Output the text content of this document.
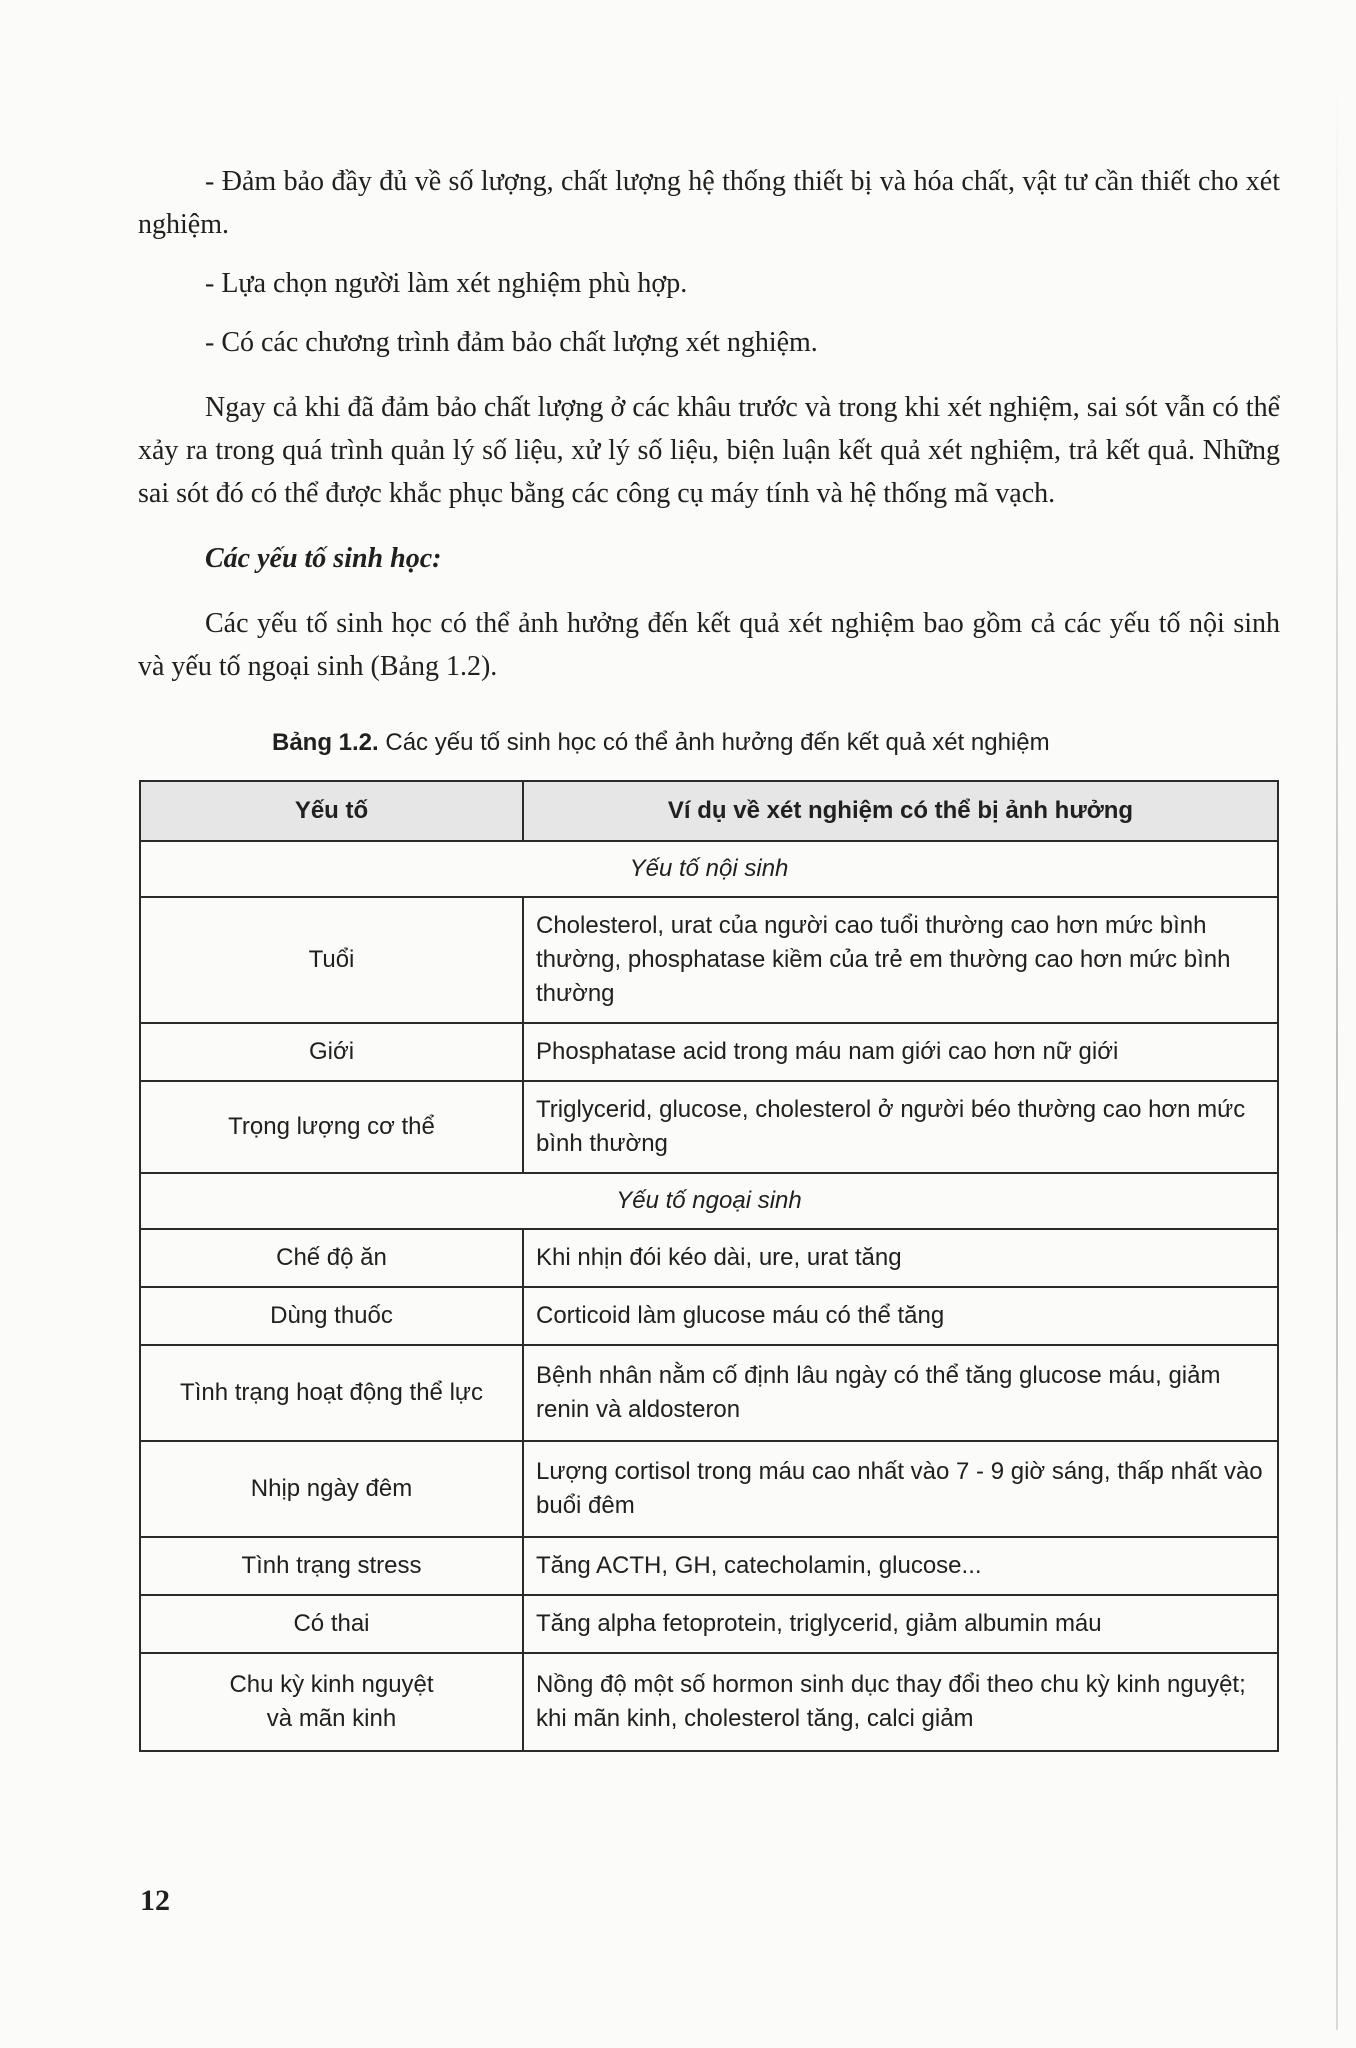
- Đảm bảo đầy đủ về số lượng, chất lượng hệ thống thiết bị và hóa chất, vật tư cần thiết cho xét nghiệm.

- Lựa chọn người làm xét nghiệm phù hợp.

- Có các chương trình đảm bảo chất lượng xét nghiệm.

Ngay cả khi đã đảm bảo chất lượng ở các khâu trước và trong khi xét nghiệm, sai sót vẫn có thể xảy ra trong quá trình quản lý số liệu, xử lý số liệu, biện luận kết quả xét nghiệm, trả kết quả. Những sai sót đó có thể được khắc phục bằng các công cụ máy tính và hệ thống mã vạch.

Các yếu tố sinh học:

Các yếu tố sinh học có thể ảnh hưởng đến kết quả xét nghiệm bao gồm cả các yếu tố nội sinh và yếu tố ngoại sinh (Bảng 1.2).

Bảng 1.2. Các yếu tố sinh học có thể ảnh hưởng đến kết quả xét nghiệm
Yếu tố	Ví dụ về xét nghiệm có thể bị ảnh hưởng
Yếu tố nội sinh	
Tuổi	Cholesterol, urat của người cao tuổi thường cao hơn mức bình thường, phosphatase kiềm của trẻ em thường cao hơn mức bình thường
Giới	Phosphatase acid trong máu nam giới cao hơn nữ giới
Trọng lượng cơ thể	Triglycerid, glucose, cholesterol ở người béo thường cao hơn mức bình thường
Yếu tố ngoại sinh	
Chế độ ăn	Khi nhịn đói kéo dài, ure, urat tăng
Dùng thuốc	Corticoid làm glucose máu có thể tăng
Tình trạng hoạt động thể lực	Bệnh nhân nằm cố định lâu ngày có thể tăng glucose máu, giảm renin và aldosteron
Nhịp ngày đêm	Lượng cortisol trong máu cao nhất vào 7 - 9 giờ sáng, thấp nhất vào buổi đêm
Tình trạng stress	Tăng ACTH, GH, catecholamin, glucose...
Có thai	Tăng alpha fetoprotein, triglycerid, giảm albumin máu
Chu kỳ kinh nguyệt
và mãn kinh	Nồng độ một số hormon sinh dục thay đổi theo chu kỳ kinh nguyệt; khi mãn kinh, cholesterol tăng, calci giảm
12
